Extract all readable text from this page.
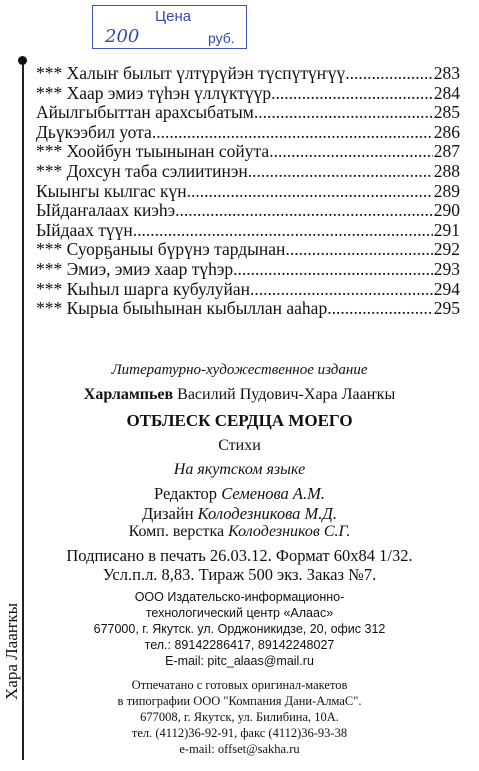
Цена
200	руб.
Хара Лааҥкы
*** Халыҥ былыт үлтүрүйэн түспүтүҥүү .....	283
*** Хаар эмиэ түһэн үллүктүүр .....	284
Айылгыбыттан арахсыбатым .....	285
Дьүкээбил уота .....	286
*** Хоойбун тыынынан сойута .....	287
*** Дохсун таба сэлиитинэн .....	288
Кыынгы кылгас күн .....	289
Ыйдаҥалаах киэһэ .....	290
Ыйдаах түүн .....	291
*** Суорҕаныы бүрүнэ тардынан .....	292
*** Эмиэ, эмиэ хаар түһэр .....	293
*** Кыһыл шарга кубулуйан .....	294
*** Кырыа быыһынан кыбыллан ааһар .....	295
Литературно-художественное издание
Харлампьев Василий Пудович-Хара Лааҥкы
ОТБЛЕСК СЕРДЦА МОЕГО
Стихи
На якутском языке
Редактор Семенова А.М.
Дизайн Колодезникова М.Д.
Комп. верстка Колодезников С.Г.
Подписано в печать 26.03.12. Формат 60х84 1/32.
Усл.п.л. 8,83. Тираж 500 экз. Заказ №7.
ООО Издательско-информационно-
технологический центр «Алаас»
677000, г. Якутск. ул. Орджоникидзе, 20, офис 312
тел.: 89142286417, 89142248027
E-mail: pitc_alaas@mail.ru
Отпечатано с готовых оригинал-макетов
в типографии ООО "Компания Дани-АлмаС".
677008, г. Якутск, ул. Билибина, 10А.
тел. (4112)36-92-91, факс (4112)36-93-38
e-mail: offset@sakha.ru
